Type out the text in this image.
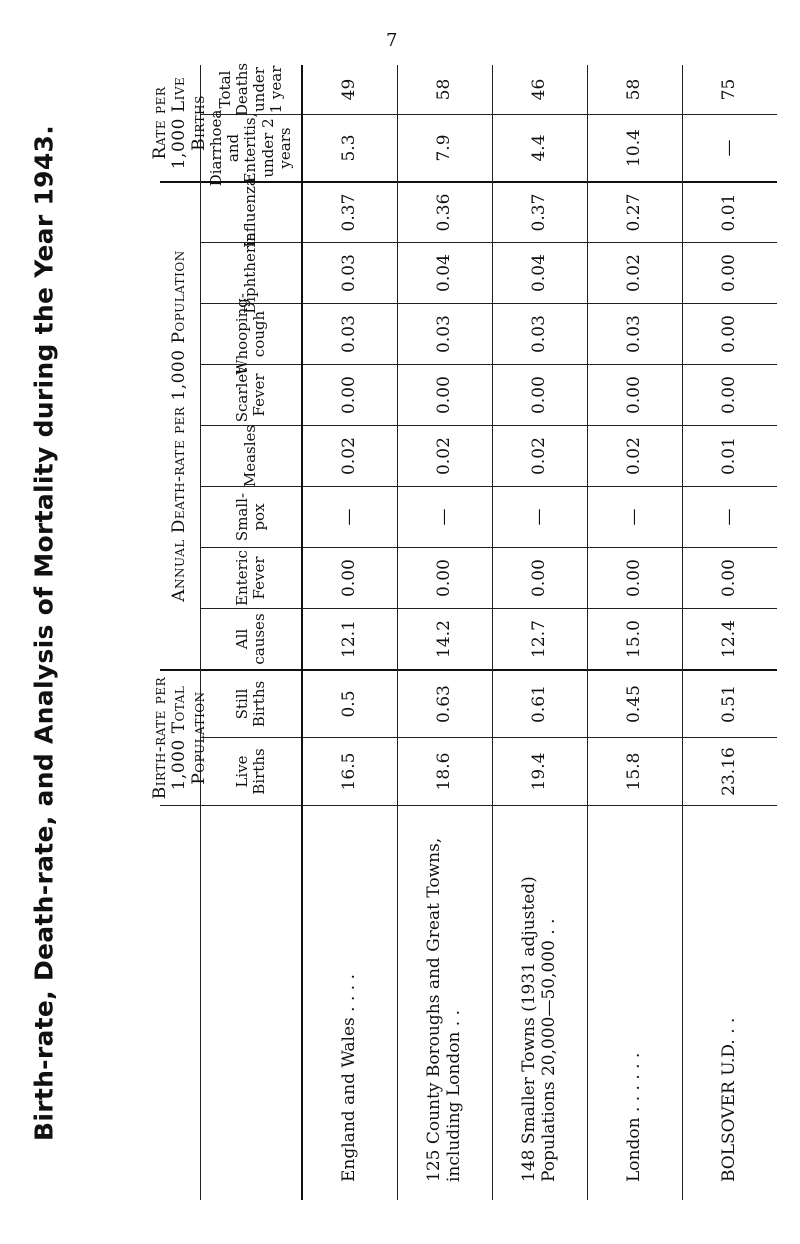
7
Birth-rate, Death-rate, and Analysis of Mortality during the Year 1943.	Birth-rate per 1,000 Total Population
Annual Death-rate per 1,000 Population
Rate per 1,000 Live Births
Live Births
Still Births
All causes
Enteric Fever
Small-pox
Measles
Scarlet Fever
Whooping-cough
Diphtheria
Influenza
Diarrhoea and Enteritis, under 2 years
Total Deaths under 1 year
England and Wales . . . .
16.5
0.5
12.1
0.00
—
0.02
0.00
0.03
0.03
0.37
5.3
49
125 County Boroughs and Great Towns, including London . .
18.6
0.63
14.2
0.00
—
0.02
0.00
0.03
0.04
0.36
7.9
58
148 Smaller Towns (1931 adjusted) Populations 20,000—50,000 . .
19.4
0.61
12.7
0.00
—
0.02
0.00
0.03
0.04
0.37
4.4
46
London . . . . . .
15.8
0.45
15.0
0.00
—
0.02
0.00
0.03
0.02
0.27
10.4
58
BOLSOVER U.D. . .
23.16
0.51
12.4
0.00
—
0.01
0.00
0.00
0.00
0.01
—
75
